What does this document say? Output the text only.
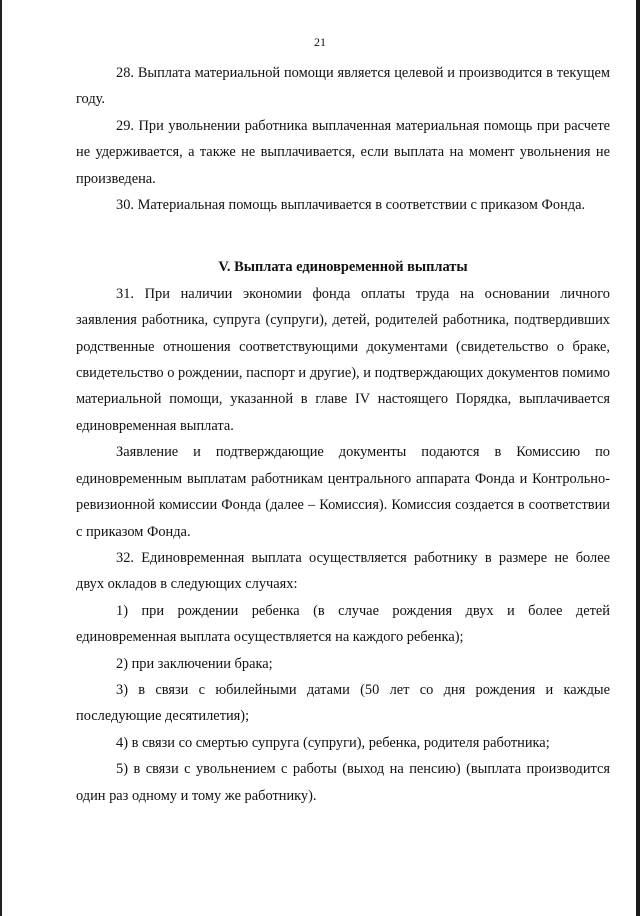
21

28. Выплата материальной помощи является целевой и производится в текущем году.

29. При увольнении работника выплаченная материальная помощь при расчете не удерживается, а также не выплачивается, если выплата на момент увольнения не произведена.

30. Материальная помощь выплачивается в соответствии с приказом Фонда.

V. Выплата единовременной выплаты

31. При наличии экономии фонда оплаты труда на основании личного заявления работника, супруга (супруги), детей, родителей работника, подтвердивших родственные отношения соответствующими документами (свидетельство о браке, свидетельство о рождении, паспорт и другие), и подтверждающих документов помимо материальной помощи, указанной в главе IV настоящего Порядка, выплачивается единовременная выплата.

Заявление и подтверждающие документы подаются в Комиссию по единовременным выплатам работникам центрального аппарата Фонда и Контрольно-ревизионной комиссии Фонда (далее – Комиссия). Комиссия создается в соответствии с приказом Фонда.

32. Единовременная выплата осуществляется работнику в размере не более двух окладов в следующих случаях:

1) при рождении ребенка (в случае рождения двух и более детей единовременная выплата осуществляется на каждого ребенка);

2) при заключении брака;

3) в связи с юбилейными датами (50 лет со дня рождения и каждые последующие десятилетия);

4) в связи со смертью супруга (супруги), ребенка, родителя работника;

5) в связи с увольнением с работы (выход на пенсию) (выплата производится один раз одному и тому же работнику).
